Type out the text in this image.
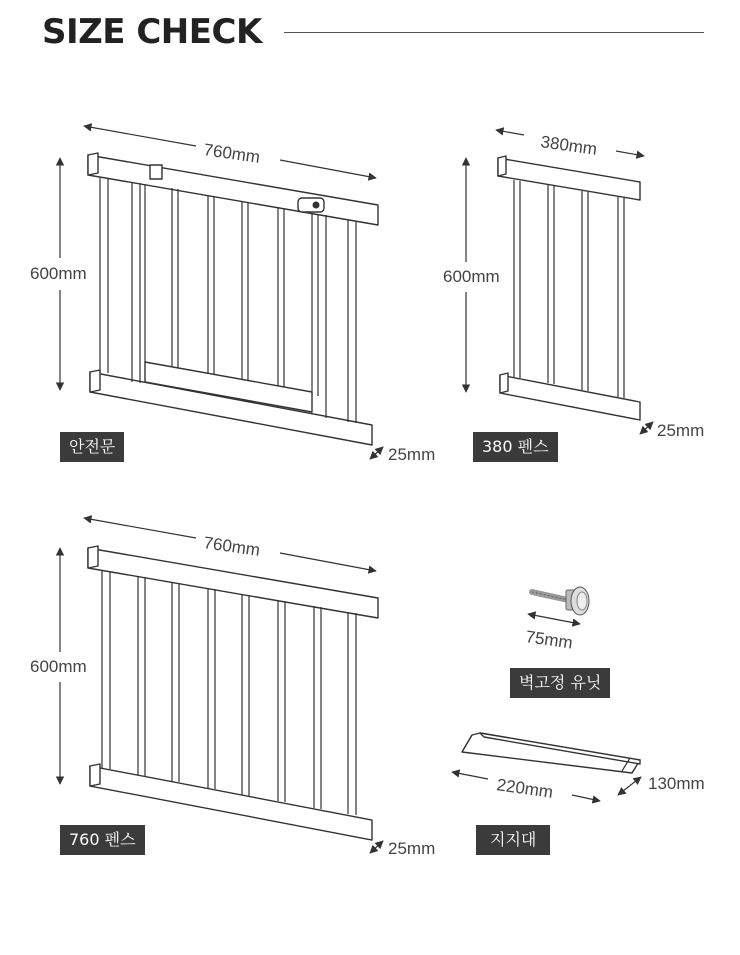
SIZE CHECK
760mm
600mm
25mm
380mm
600mm
25mm
760mm
600mm
25mm
75mm
220mm	130mm
안전문	380 펜스
760 펜스
벽고정 유닛
지지대
